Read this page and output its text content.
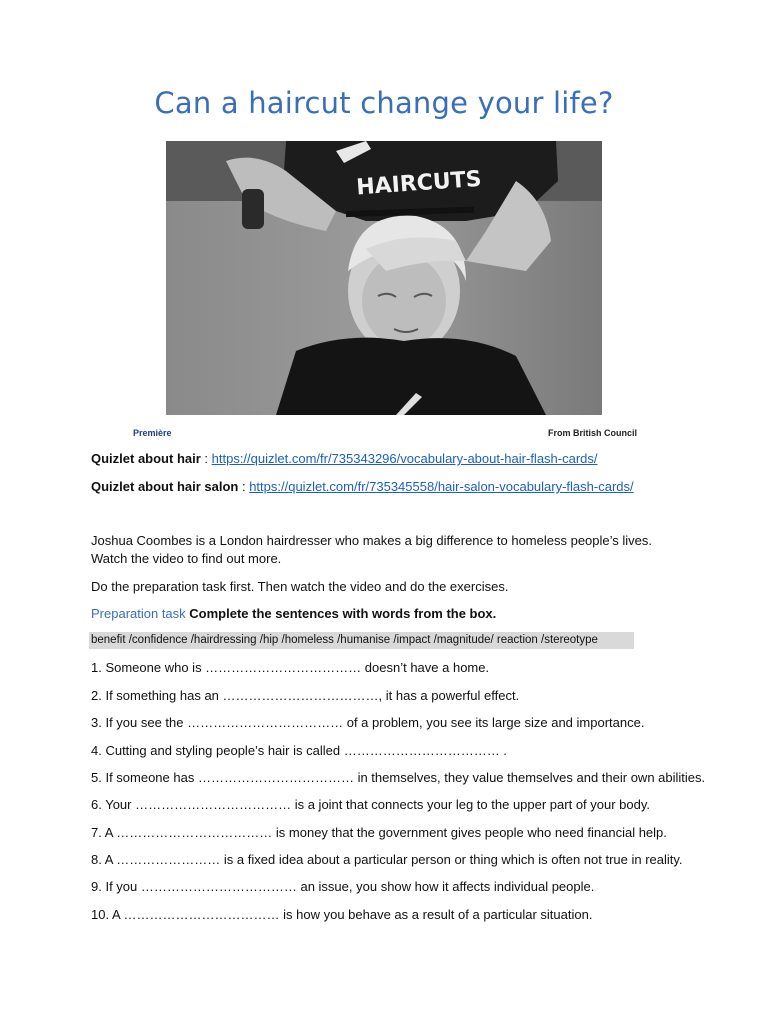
Can a haircut change your life?
HAIRCUTS
Première	From British Council
Quizlet about hair : https://quizlet.com/fr/735343296/vocabulary-about-hair-flash-cards/
Quizlet about hair salon : https://quizlet.com/fr/735345558/hair-salon-vocabulary-flash-cards/
Joshua Coombes is a London hairdresser who makes a big difference to homeless people’s lives.
Watch the video to find out more.
Do the preparation task first. Then watch the video and do the exercises.
Preparation task Complete the sentences with words from the box.
benefit /confidence /hairdressing /hip /homeless /humanise /impact /magnitude/ reaction /stereotype
1. Someone who is ……………………………… doesn’t have a home.
2. If something has an ………………………………, it has a powerful effect.
3. If you see the ……………………………… of a problem, you see its large size and importance.
4. Cutting and styling people’s hair is called ……………………………… .
5. If someone has ……………………………… in themselves, they value themselves and their own abilities.
6. Your ……………………………… is a joint that connects your leg to the upper part of your body.
7. A ……………………………… is money that the government gives people who need financial help.
8. A …………………… is a fixed idea about a particular person or thing which is often not true in reality.
9. If you ……………………………… an issue, you show how it affects individual people.
10. A ……………………………… is how you behave as a result of a particular situation.
